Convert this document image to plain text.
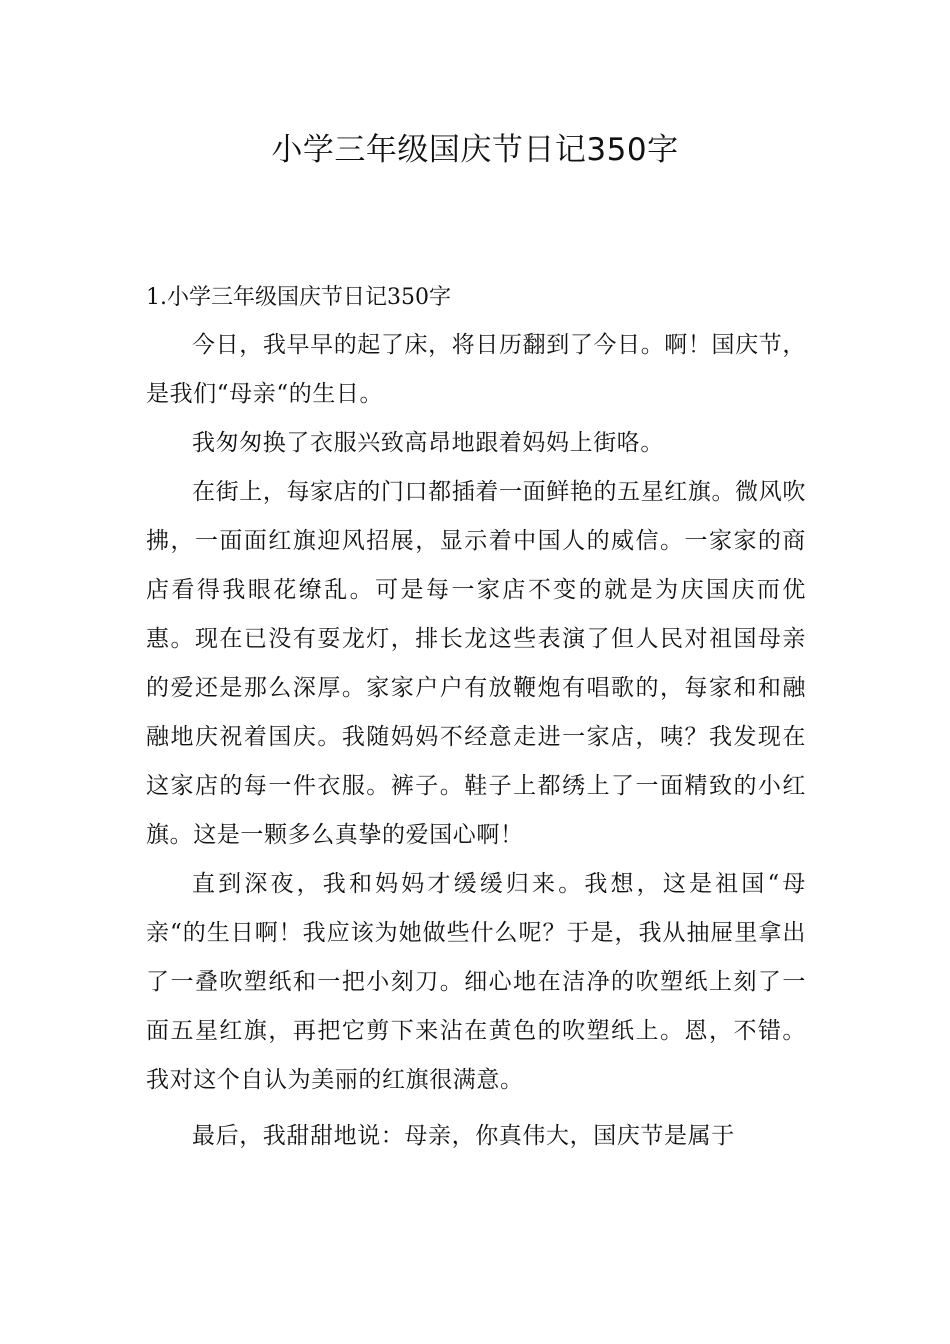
小学三年级国庆节日记350字

1.小学三年级国庆节日记350字

今日，我早早的起了床，将日历翻到了今日。啊！国庆节，是我们“母亲“的生日。

我匆匆换了衣服兴致高昂地跟着妈妈上街咯。

在街上，每家店的门口都插着一面鲜艳的五星红旗。微风吹拂，一面面红旗迎风招展，显示着中国人的威信。一家家的商店看得我眼花缭乱。可是每一家店不变的就是为庆国庆而优惠。现在已没有耍龙灯，排长龙这些表演了但人民对祖国母亲的爱还是那么深厚。家家户户有放鞭炮有唱歌的，每家和和融融地庆祝着国庆。我随妈妈不经意走进一家店，咦？我发现在这家店的每一件衣服。裤子。鞋子上都绣上了一面精致的小红旗。这是一颗多么真挚的爱国心啊！

直到深夜，我和妈妈才缓缓归来。我想，这是祖国“母亲“的生日啊！我应该为她做些什么呢？于是，我从抽屉里拿出了一叠吹塑纸和一把小刻刀。细心地在洁净的吹塑纸上刻了一面五星红旗，再把它剪下来沾在黄色的吹塑纸上。恩，不错。我对这个自认为美丽的红旗很满意。

最后，我甜甜地说：母亲，你真伟大，国庆节是属于
